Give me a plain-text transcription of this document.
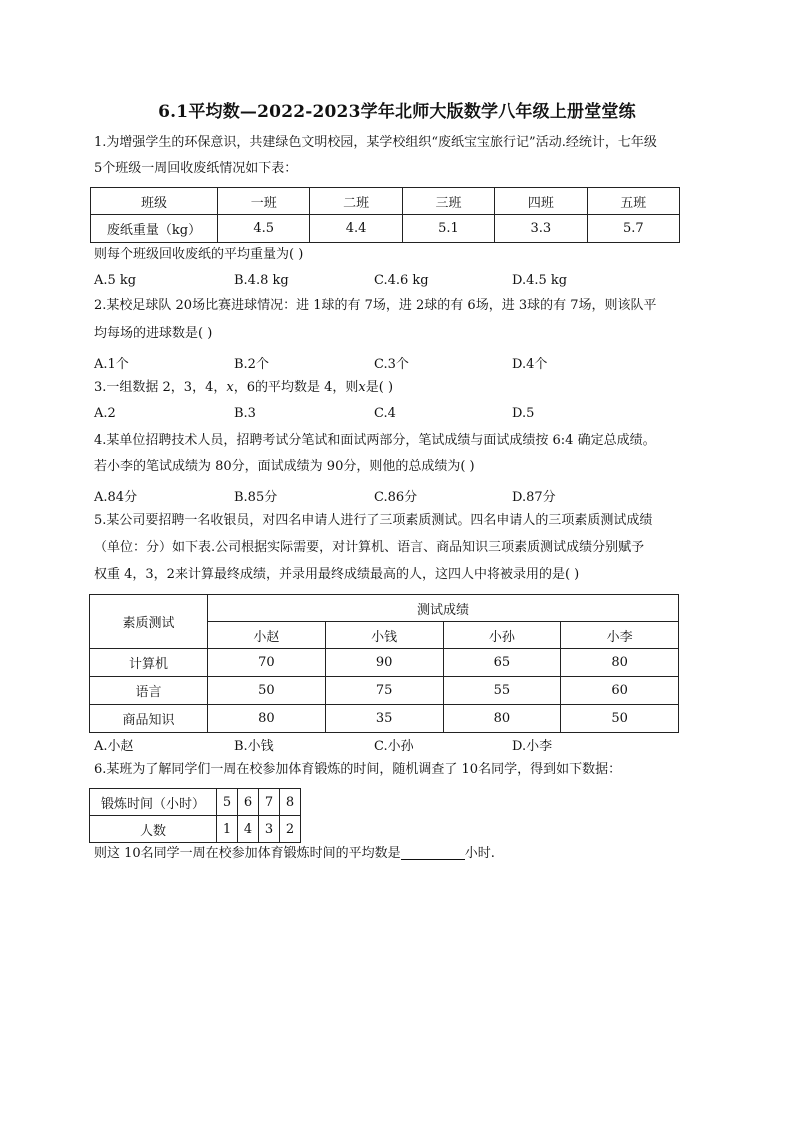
6.1平均数—2022-2023学年北师大版数学八年级上册堂堂练
1.为增强学生的环保意识，共建绿色文明校园，某学校组织“废纸宝宝旅行记”活动.经统计，七年级
5个班级一周回收废纸情况如下表：
班级	一班	二班	三班	四班	五班
废纸重量（kg）	4.5	4.4	5.1	3.3	5.7
则每个班级回收废纸的平均重量为( )
A.5 kg	B.4.8 kg	C.4.6 kg	D.4.5 kg
2.某校足球队 20场比赛进球情况：进 1球的有 7场，进 2球的有 6场，进 3球的有 7场，则该队平
均每场的进球数是( )
A.1个	B.2个	C.3个	D.4个
3.一组数据 2，3，4，x，6的平均数是 4，则x是( )
A.2	B.3	C.4	D.5
4.某单位招聘技术人员，招聘考试分笔试和面试两部分，笔试成绩与面试成绩按 6:4 确定总成绩。
若小李的笔试成绩为 80分，面试成绩为 90分，则他的总成绩为( )
A.84分	B.85分	C.86分	D.87分
5.某公司要招聘一名收银员，对四名申请人进行了三项素质测试。四名申请人的三项素质测试成绩
（单位：分）如下表.公司根据实际需要，对计算机、语言、商品知识三项素质测试成绩分别赋予
权重 4，3，2来计算最终成绩，并录用最终成绩最高的人，这四人中将被录用的是( )
素质测试	测试成绩			
	小赵	小钱	小孙	小李
计算机	70	90	65	80
语言	50	75	55	60
商品知识	80	35	80	50
A.小赵	B.小钱	C.小孙	D.小李
6.某班为了解同学们一周在校参加体育锻炼的时间，随机调查了 10名同学，得到如下数据：
锻炼时间（小时）	5	6	7	8
人数	1	4	3	2
则这 10名同学一周在校参加体育锻炼时间的平均数是	小时.
